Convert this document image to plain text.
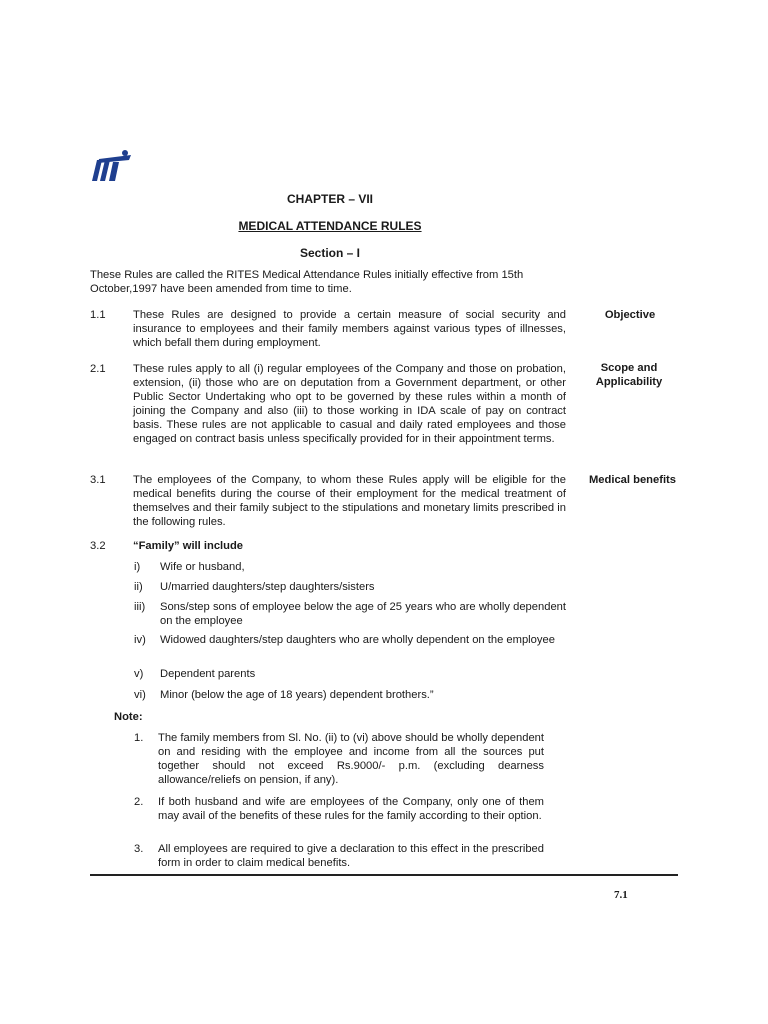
CHAPTER – VII
MEDICAL ATTENDANCE RULES
Section – I
These Rules are called the RITES Medical Attendance Rules initially effective from 15th October,1997 have been amended from time to time.
1.1 These Rules are designed to provide a certain measure of social security and insurance to employees and their family members against various types of illnesses, which befall them during employment.
Objective
2.1 These rules apply to all (i) regular employees of the Company and those on probation, extension, (ii) those who are on deputation from a Government department, or other Public Sector Undertaking who opt to be governed by these rules within a month of joining the Company and also (iii) to those working in IDA scale of pay on contract basis. These rules are not applicable to casual and daily rated employees and those engaged on contract basis unless specifically provided for in their appointment terms.
Scope and Applicability
3.1 The employees of the Company, to whom these Rules apply will be eligible for the medical benefits during the course of their employment for the medical treatment of themselves and their family subject to the stipulations and monetary limits prescribed in the following rules.
Medical benefits
3.2 “Family” will include
i) Wife or husband,
ii) U/married daughters/step daughters/sisters
iii) Sons/step sons of employee below the age of 25 years who are wholly dependent on the employee
iv) Widowed daughters/step daughters who are wholly dependent on the employee
v) Dependent parents
vi) Minor (below the age of 18 years) dependent brothers.”
Note:
1. The family members from Sl. No. (ii) to (vi) above should be wholly dependent on and residing with the employee and income from all the sources put together should not exceed Rs.9000/- p.m. (excluding dearness allowance/reliefs on pension, if any).
2. If both husband and wife are employees of the Company, only one of them may avail of the benefits of these rules for the family according to their option.
3. All employees are required to give a declaration to this effect in the prescribed form in order to claim medical benefits.
7.1
